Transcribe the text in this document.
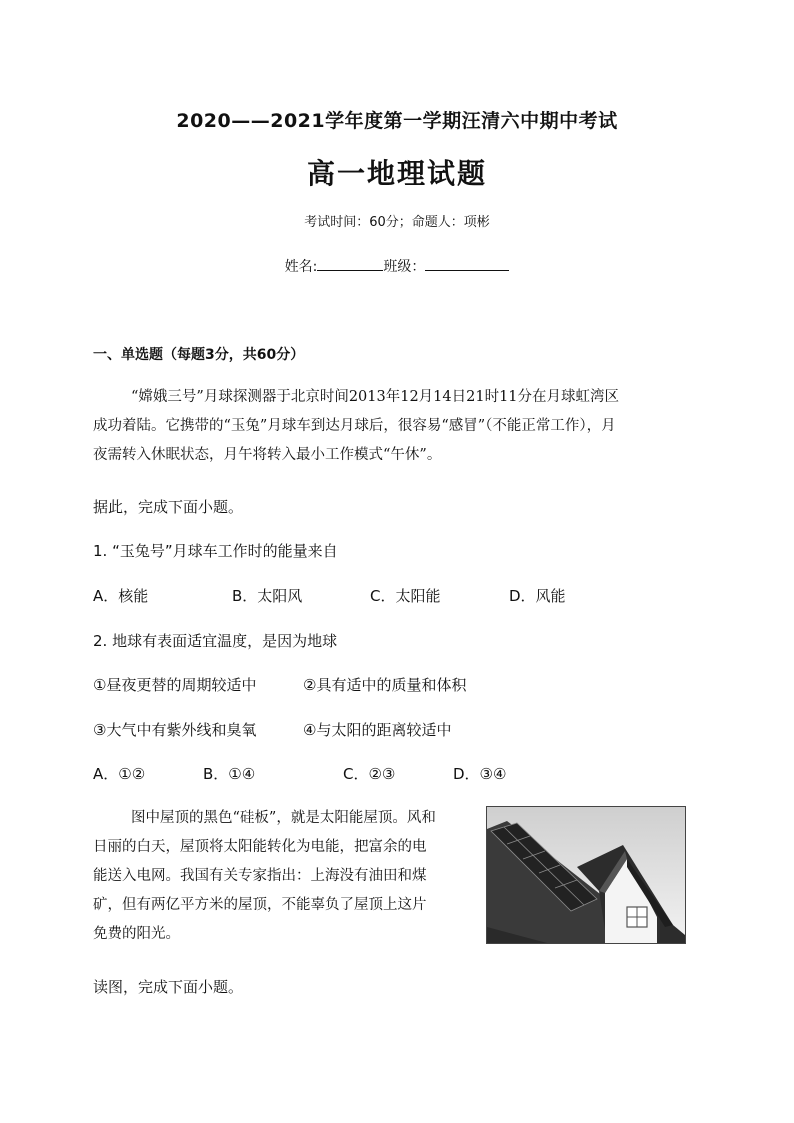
2020——2021学年度第一学期汪清六中期中考试
高一地理试题
考试时间：60分；命题人：项彬
姓名:	班级：
一、单选题（每题3分，共60分）
“嫦娥三号”月球探测器于北京时间2013年12月14日21时11分在月球虹湾区
成功着陆。它携带的“玉兔”月球车到达月球后，很容易“感冒”（不能正常工作），月
夜需转入休眠状态，月午将转入最小工作模式“午休”。
据此，完成下面小题。
1. “玉兔号”月球车工作时的能量来自
A．核能	B．太阳风	C．太阳能	D．风能
2. 地球有表面适宜温度，是因为地球
①昼夜更替的周期较适中	②具有适中的质量和体积
③大气中有紫外线和臭氧	④与太阳的距离较适中
A．①②	B．①④	C．②③	D．③④
图中屋顶的黑色“硅板”，就是太阳能屋顶。风和
日丽的白天，屋顶将太阳能转化为电能，把富余的电
能送入电网。我国有关专家指出：上海没有油田和煤
矿，但有两亿平方米的屋顶，不能辜负了屋顶上这片
免费的阳光。
读图，完成下面小题。
